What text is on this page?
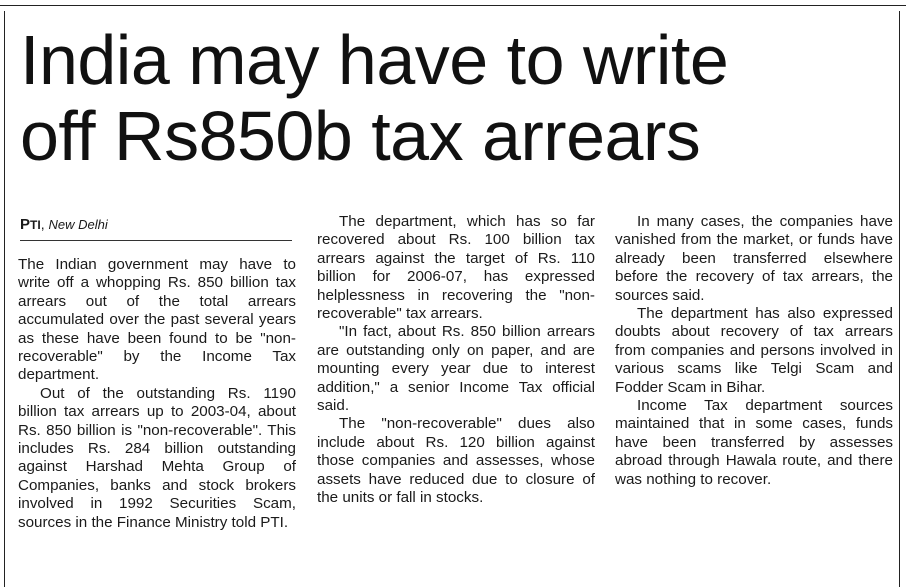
India may have to write
off Rs850b tax arrears
PTI, New Delhi

The Indian government may have to write off a whopping Rs. 850 billion tax arrears out of the total arrears accumulated over the past several years as these have been found to be "non-recoverable" by the Income Tax department.

Out of the outstanding Rs. 1190 billion tax arrears up to 2003-04, about Rs. 850 billion is "non-recoverable". This includes Rs. 284 billion outstanding against Harshad Mehta Group of Companies, banks and stock brokers involved in 1992 Securities Scam, sources in the Finance Ministry told PTI.

The department, which has so far recovered about Rs. 100 billion tax arrears against the target of Rs. 110 billion for 2006-07, has expressed helplessness in recovering the "non-recoverable" tax arrears.

"In fact, about Rs. 850 billion arrears are outstanding only on paper, and are mounting every year due to interest addition," a senior Income Tax official said.

The "non-recoverable" dues also include about Rs. 120 billion against those companies and assesses, whose assets have reduced due to closure of the units or fall in stocks.

In many cases, the companies have vanished from the market, or funds have already been transferred elsewhere before the recovery of tax arrears, the sources said.

The department has also expressed doubts about recovery of tax arrears from companies and persons involved in various scams like Telgi Scam and Fodder Scam in Bihar.

Income Tax department sources maintained that in some cases, funds have been transferred by assesses abroad through Hawala route, and there was nothing to recover.
